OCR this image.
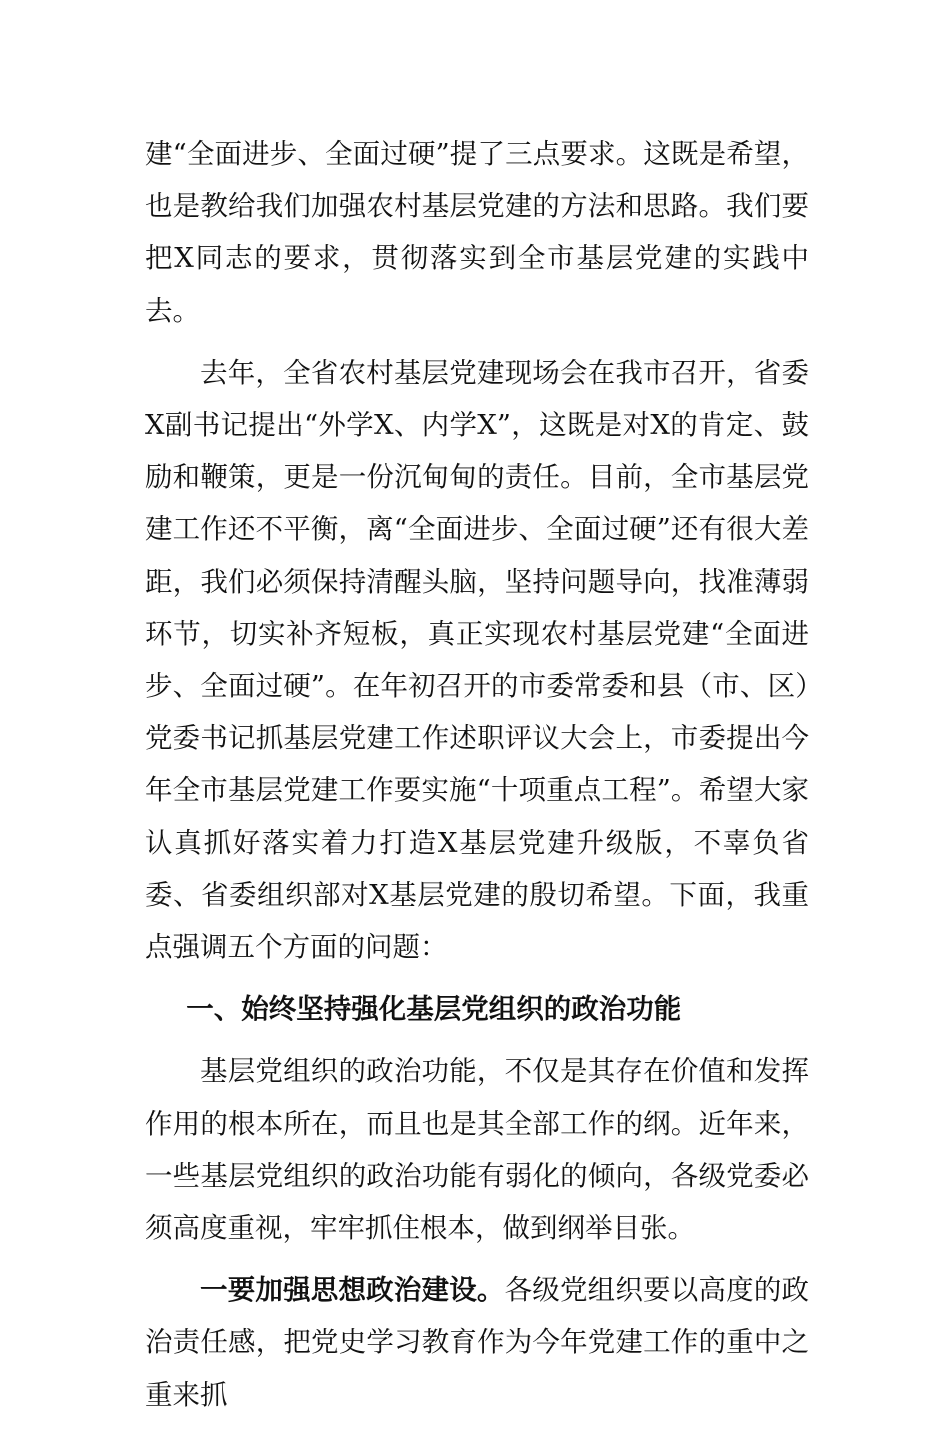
建“全面进步、全面过硬”提了三点要求。这既是希望，也是教给我们加强农村基层党建的方法和思路。我们要把X同志的要求，贯彻落实到全市基层党建的实践中去。

去年，全省农村基层党建现场会在我市召开，省委X副书记提出“外学X、内学X”，这既是对X的肯定、鼓励和鞭策，更是一份沉甸甸的责任。目前，全市基层党建工作还不平衡，离“全面进步、全面过硬”还有很大差距，我们必须保持清醒头脑，坚持问题导向，找准薄弱环节，切实补齐短板，真正实现农村基层党建“全面进步、全面过硬”。在年初召开的市委常委和县（市、区）党委书记抓基层党建工作述职评议大会上，市委提出今年全市基层党建工作要实施“十项重点工程”。希望大家认真抓好落实着力打造X基层党建升级版，不辜负省委、省委组织部对X基层党建的殷切希望。下面，我重点强调五个方面的问题：

一、始终坚持强化基层党组织的政治功能

基层党组织的政治功能，不仅是其存在价值和发挥作用的根本所在，而且也是其全部工作的纲。近年来，一些基层党组织的政治功能有弱化的倾向，各级党委必须高度重视，牢牢抓住根本，做到纲举目张。

一要加强思想政治建设。各级党组织要以高度的政治责任感，把党史学习教育作为今年党建工作的重中之重来抓
